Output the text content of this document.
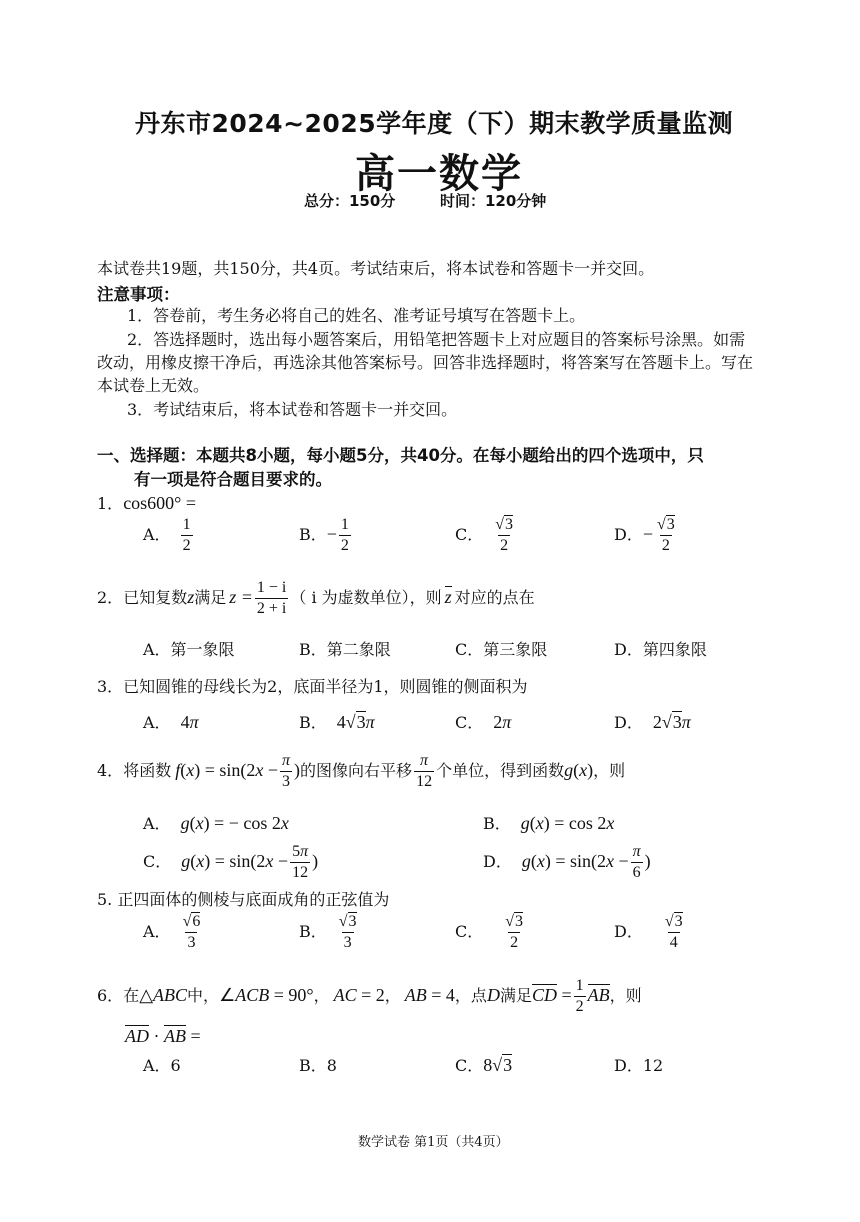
丹东市2024~2025学年度（下）期末教学质量监测
高一数学
总分：150分	时间：120分钟
本试卷共19题，共150分，共4页。考试结束后，将本试卷和答题卡一并交回。
注意事项：
1．答卷前，考生务必将自己的姓名、准考证号填写在答题卡上。
2．答选择题时，选出每小题答案后，用铅笔把答题卡上对应题目的答案标号涂黑。如需改动，用橡皮擦干净后，再选涂其他答案标号。回答非选择题时，将答案写在答题卡上。写在本试卷上无效。
3．考试结束后，将本试卷和答题卡一并交回。
一、选择题：本题共8小题，每小题5分，共40分。在每小题给出的四个选项中，只
有一项是符合题目要求的。
1．cos600° =
A． $\frac{1}{2}$	B．− $\frac{1}{2}$	C． $\frac{√3}{2}$	D．− $\frac{√3}{2}$
2．已知复数z满足 $z = \frac{1 - i}{2 + i}$ （ i 为虚数单位），则 z 对应的点在
A．第一象限	B．第二象限	C．第三象限	D．第四象限
3．已知圆锥的母线长为2，底面半径为1，则圆锥的侧面积为
A． 4π	B． 4√3π	C． 2π	D． 2√3π
4．将函数 $f(x) = \sin(2x - \frac{\pi}{3}$ )的图像向右平移 $\frac{\pi}{12}$ 个单位，得到函数g(x)，则
A． g(x) = − cos 2x	B． g(x) = cos 2x
C． $g(x) = \sin(2x - \frac{5\pi}{12}$ )	D． $g(x) = \sin(2x - \frac{\pi}{6}$ )
5. 正四面体的侧棱与底面成角的正弦值为
A． $\frac{√6}{3}$	B． $\frac{√3}{3}$	C． $\frac{√3}{2}$	D． $\frac{√3}{4}$
6．在△ABC中，∠ACB = 90°， AC = 2， AB = 4，点D满足CD = $\frac{1}{2}$ AB，则
AD · AB =
A．6	B．8	C．8√3	D．12
数学试卷 第1页（共4页）
